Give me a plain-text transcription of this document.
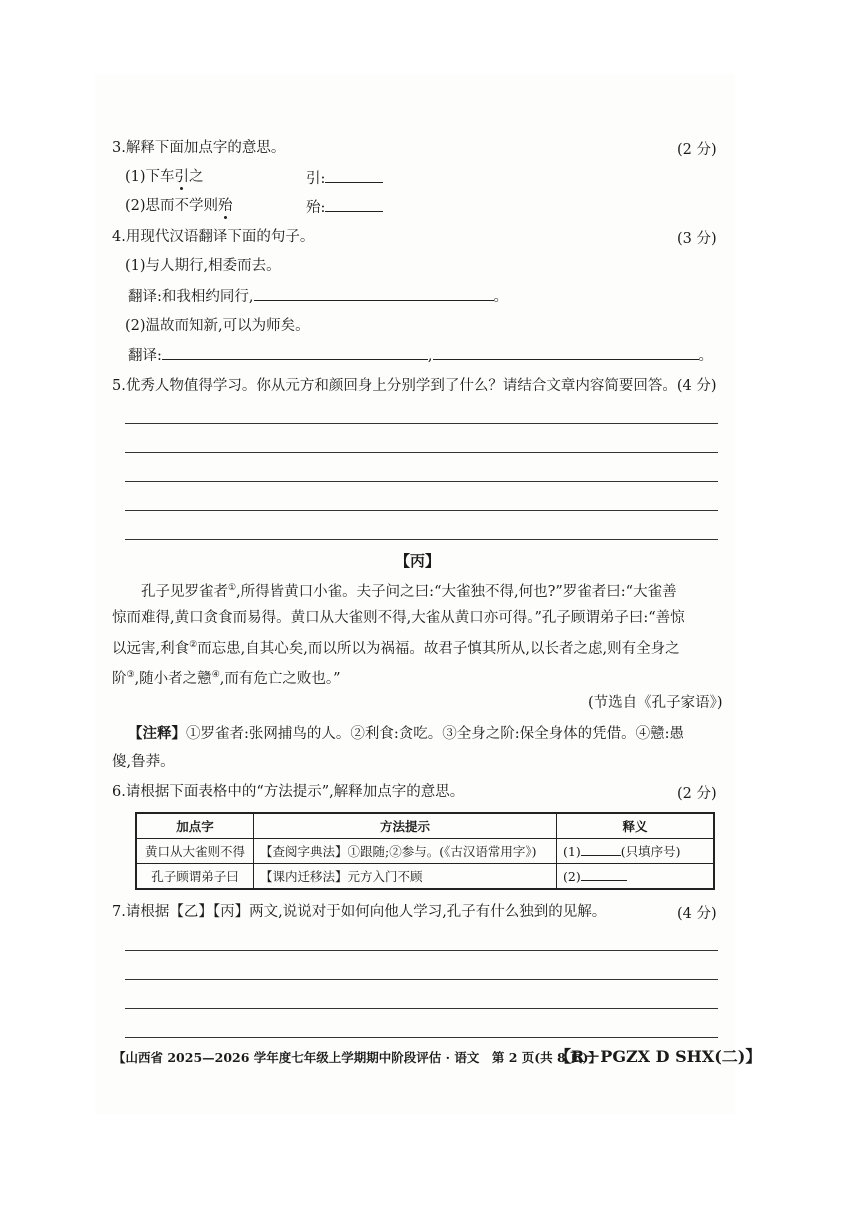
3.解释下面加点字的意思。	(2 分)
(1)下车引之	引:
(2)思而不学则殆	殆:
4.用现代汉语翻译下面的句子。	(3 分)
(1)与人期行,相委而去。
翻译:和我相约同行,	。
(2)温故而知新,可以为师矣。
翻译:	,	。
5.优秀人物值得学习。你从元方和颜回身上分别学到了什么？请结合文章内容简要回答。(4 分)
【丙】

　　孔子见罗雀者①,所得皆黄口小雀。夫子问之曰:“大雀独不得,何也?”罗雀者曰:“大雀善

惊而难得,黄口贪食而易得。黄口从大雀则不得,大雀从黄口亦可得。”孔子顾谓弟子曰:“善惊

以远害,利食②而忘患,自其心矣,而以所以为祸福。故君子慎其所从,以长者之虑,则有全身之

阶③,随小者之戆④,而有危亡之败也。”

(节选自《孔子家语》)
【注释】①罗雀者:张网捕鸟的人。②利食:贪吃。③全身之阶:保全身体的凭借。④戆:愚
傻,鲁莽。
6.请根据下面表格中的“方法提示”,解释加点字的意思。	(2 分)
加点字	方法提示	释义
黄口从大雀则不得	【查阅字典法】①跟随;②参与。(《古汉语常用字》)	(1) (只填序号)
孔子顾谓弟子曰	【课内迁移法】元方入门不顾	(2)
7.请根据【乙】【丙】两文,说说对于如何向他人学习,孔子有什么独到的见解。	(4 分)
【山西省 2025—2026 学年度七年级上学期期中阶段评估 · 语文　第 2 页(共 8 页)】
【R－PGZX D SHX(二)】
